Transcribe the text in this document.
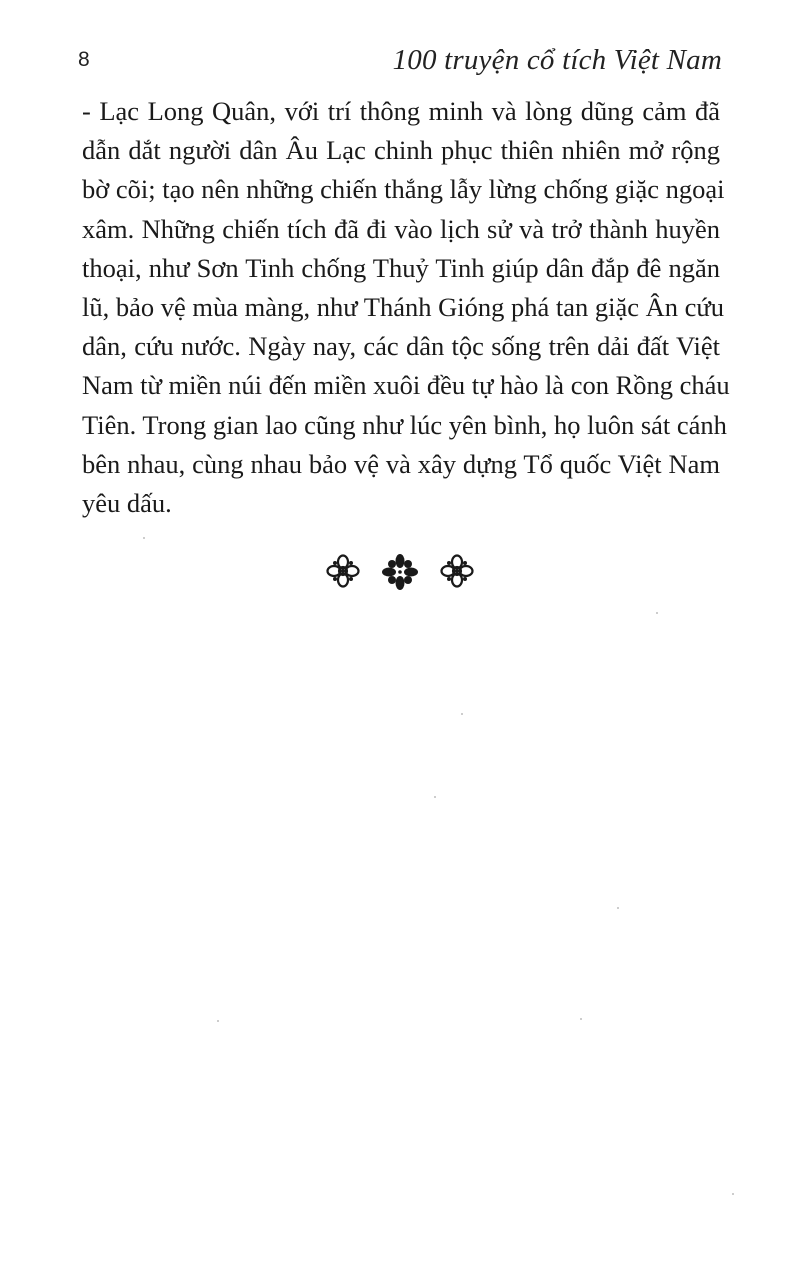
8	100 truyện cổ tích Việt Nam
- Lạc Long Quân, với trí thông minh và lòng dũng cảm đã
dẫn dắt người dân Âu Lạc chinh phục thiên nhiên mở rộng
bờ cõi; tạo nên những chiến thắng lẫy lừng chống giặc ngoại
xâm. Những chiến tích đã đi vào lịch sử và trở thành huyền
thoại, như Sơn Tinh chống Thuỷ Tinh giúp dân đắp đê ngăn
lũ, bảo vệ mùa màng, như Thánh Gióng phá tan giặc Ân cứu
dân, cứu nước. Ngày nay, các dân tộc sống trên dải đất Việt
Nam từ miền núi đến miền xuôi đều tự hào là con Rồng cháu
Tiên. Trong gian lao cũng như lúc yên bình, họ luôn sát cánh
bên nhau, cùng nhau bảo vệ và xây dựng Tổ quốc Việt Nam
yêu dấu.
